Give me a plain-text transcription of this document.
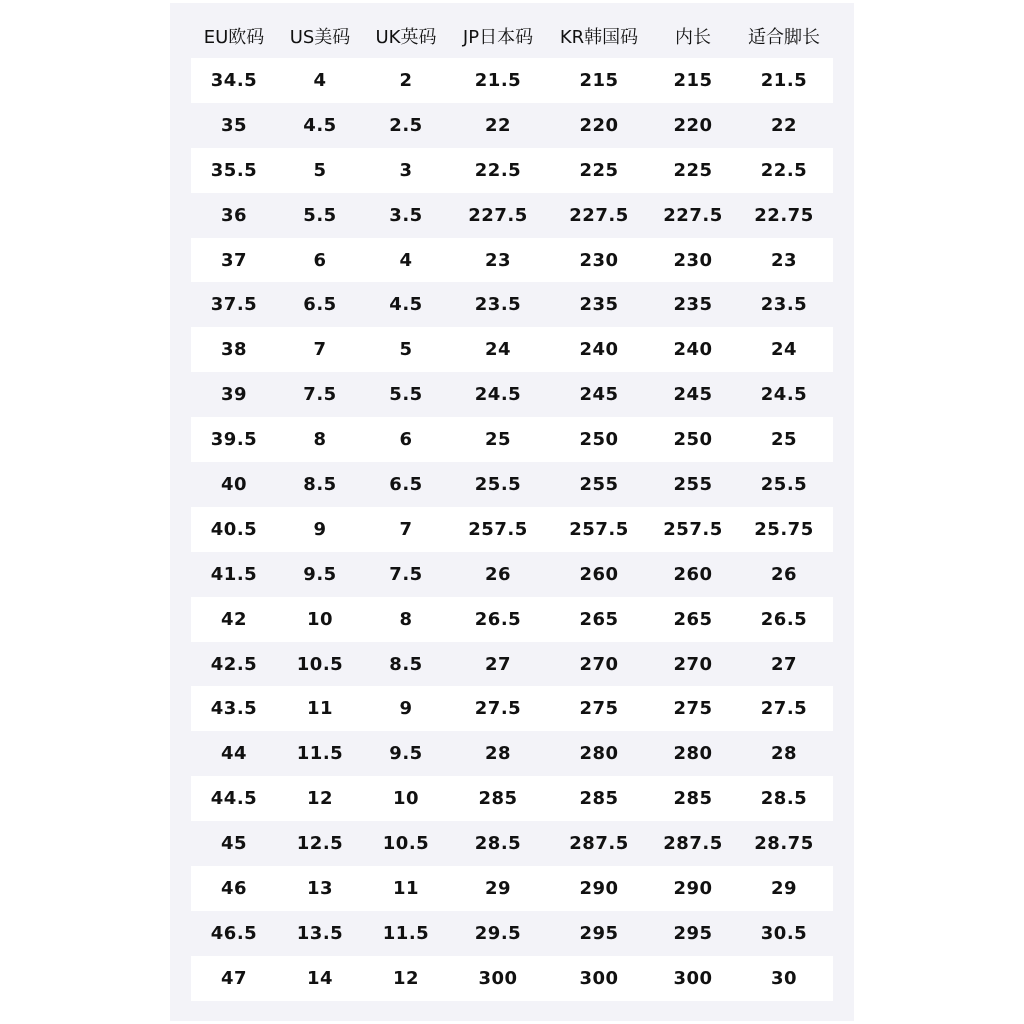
EU欧码	US美码	UK英码	JP日本码	KR韩国码	内长	适合脚长
34.5	4	2	21.5	215	215	21.5
35	4.5	2.5	22	220	220	22
35.5	5	3	22.5	225	225	22.5
36	5.5	3.5	227.5	227.5	227.5	22.75
37	6	4	23	230	230	23
37.5	6.5	4.5	23.5	235	235	23.5
38	7	5	24	240	240	24
39	7.5	5.5	24.5	245	245	24.5
39.5	8	6	25	250	250	25
40	8.5	6.5	25.5	255	255	25.5
40.5	9	7	257.5	257.5	257.5	25.75
41.5	9.5	7.5	26	260	260	26
42	10	8	26.5	265	265	26.5
42.5	10.5	8.5	27	270	270	27
43.5	11	9	27.5	275	275	27.5
44	11.5	9.5	28	280	280	28
44.5	12	10	285	285	285	28.5
45	12.5	10.5	28.5	287.5	287.5	28.75
46	13	11	29	290	290	29
46.5	13.5	11.5	29.5	295	295	30.5
47	14	12	300	300	300	30
